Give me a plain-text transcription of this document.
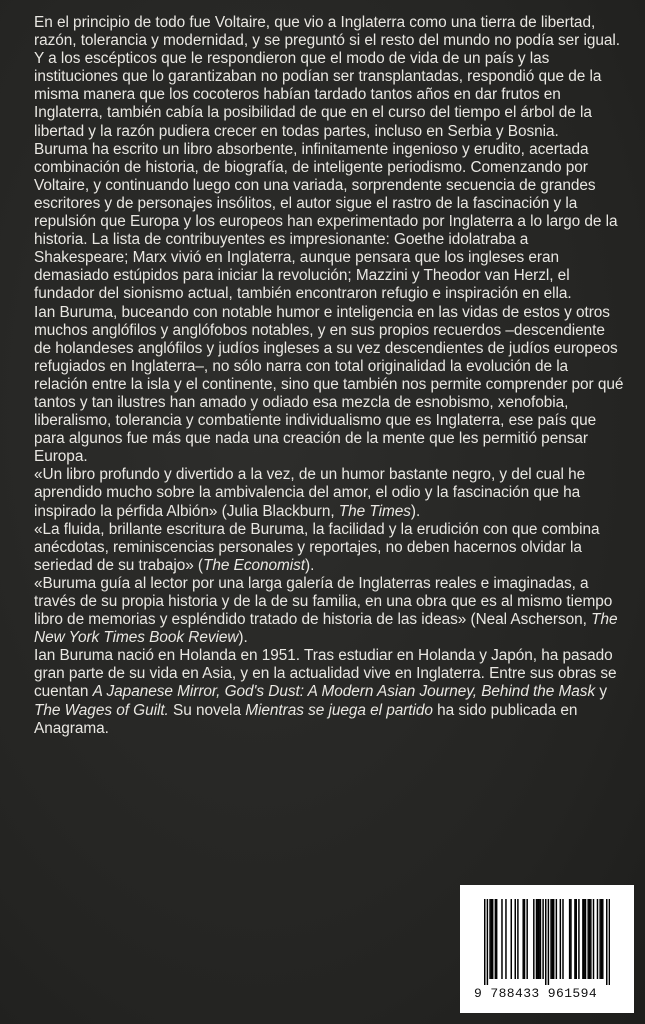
En el principio de todo fue Voltaire, que vio a Inglaterra como una tierra de libertad, razón, tolerancia y modernidad, y se preguntó si el resto del mundo no podía ser igual. Y a los escépticos que le respondieron que el modo de vida de un país y las instituciones que lo garantizaban no podían ser transplantadas, respondió que de la misma manera que los cocoteros habían tardado tantos años en dar frutos en Inglaterra, también cabía la posibilidad de que en el curso del tiempo el árbol de la libertad y la razón pudiera crecer en todas partes, incluso en Serbia y Bosnia.

Buruma ha escrito un libro absorbente, infinitamente ingenioso y erudito, acertada combinación de historia, de biografía, de inteligente periodismo. Comenzando por Voltaire, y continuando luego con una variada, sorprendente secuencia de grandes escritores y de personajes insólitos, el autor sigue el rastro de la fascinación y la repulsión que Europa y los europeos han experimentado por Inglaterra a lo largo de la historia. La lista de contribuyentes es impresionante: Goethe idolatraba a Shakespeare; Marx vivió en Inglaterra, aunque pensara que los ingleses eran demasiado estúpidos para iniciar la revolución; Mazzini y Theodor van Herzl, el fundador del sionismo actual, también encontraron refugio e inspiración en ella.

Ian Buruma, buceando con notable humor e inteligencia en las vidas de estos y otros muchos anglófilos y anglófobos notables, y en sus propios recuerdos –descendiente de holandeses anglófilos y judíos ingleses a su vez descendientes de judíos europeos refugiados en Inglaterra–, no sólo narra con total originalidad la evolución de la relación entre la isla y el continente, sino que también nos permite comprender por qué tantos y tan ilustres han amado y odiado esa mezcla de esnobismo, xenofobia, liberalismo, tolerancia y combatiente individualismo que es Inglaterra, ese país que para algunos fue más que nada una creación de la mente que les permitió pensar Europa.

«Un libro profundo y divertido a la vez, de un humor bastante negro, y del cual he aprendido mucho sobre la ambivalencia del amor, el odio y la fascinación que ha inspirado la pérfida Albión» (Julia Blackburn, The Times).

«La fluida, brillante escritura de Buruma, la facilidad y la erudición con que combina anécdotas, reminiscencias personales y reportajes, no deben hacernos olvidar la seriedad de su trabajo» (The Economist).

«Buruma guía al lector por una larga galería de Inglaterras reales e imaginadas, a través de su propia historia y de la de su familia, en una obra que es al mismo tiempo libro de memorias y espléndido tratado de historia de las ideas» (Neal Ascherson, The New York Times Book Review).

Ian Buruma nació en Holanda en 1951. Tras estudiar en Holanda y Japón, ha pasado gran parte de su vida en Asia, y en la actualidad vive en Inglaterra. Entre sus obras se cuentan A Japanese Mirror, God's Dust: A Modern Asian Journey, Behind the Mask y The Wages of Guilt. Su novela Mientras se juega el partido ha sido publicada en Anagrama.

9 788433 961594
